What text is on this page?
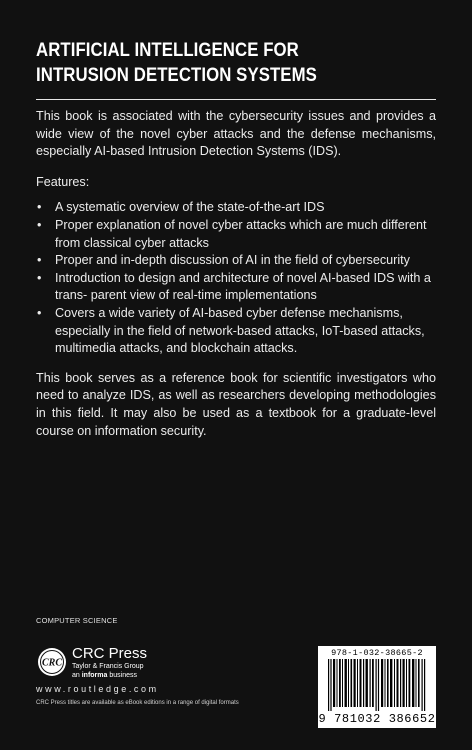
ARTIFICIAL INTELLIGENCE FOR
INTRUSION DETECTION SYSTEMS

This book is associated with the cybersecurity issues and provides a wide view of the novel cyber attacks and the defense mechanisms, especially AI-based Intrusion Detection Systems (IDS).

Features:

• A systematic overview of the state-of-the-art IDS
• Proper explanation of novel cyber attacks which are much different from classical cyber attacks
• Proper and in-depth discussion of AI in the field of cybersecurity
• Introduction to design and architecture of novel AI-based IDS with a trans- parent view of real-time implementations
• Covers a wide variety of AI-based cyber defense mechanisms, especially in the field of network-based attacks, IoT-based attacks, multimedia attacks, and blockchain attacks.

This book serves as a reference book for scientific investigators who need to analyze IDS, as well as researchers developing methodologies in this field. It may also be used as a textbook for a graduate-level course on information security.

COMPUTER SCIENCE
CRC
CRC Press
Taylor & Francis Group
an informa business
www.routledge.com
CRC Press titles are available as eBook editions in a range of digital formats
978-1-032-38665-2
9 781032 386652
